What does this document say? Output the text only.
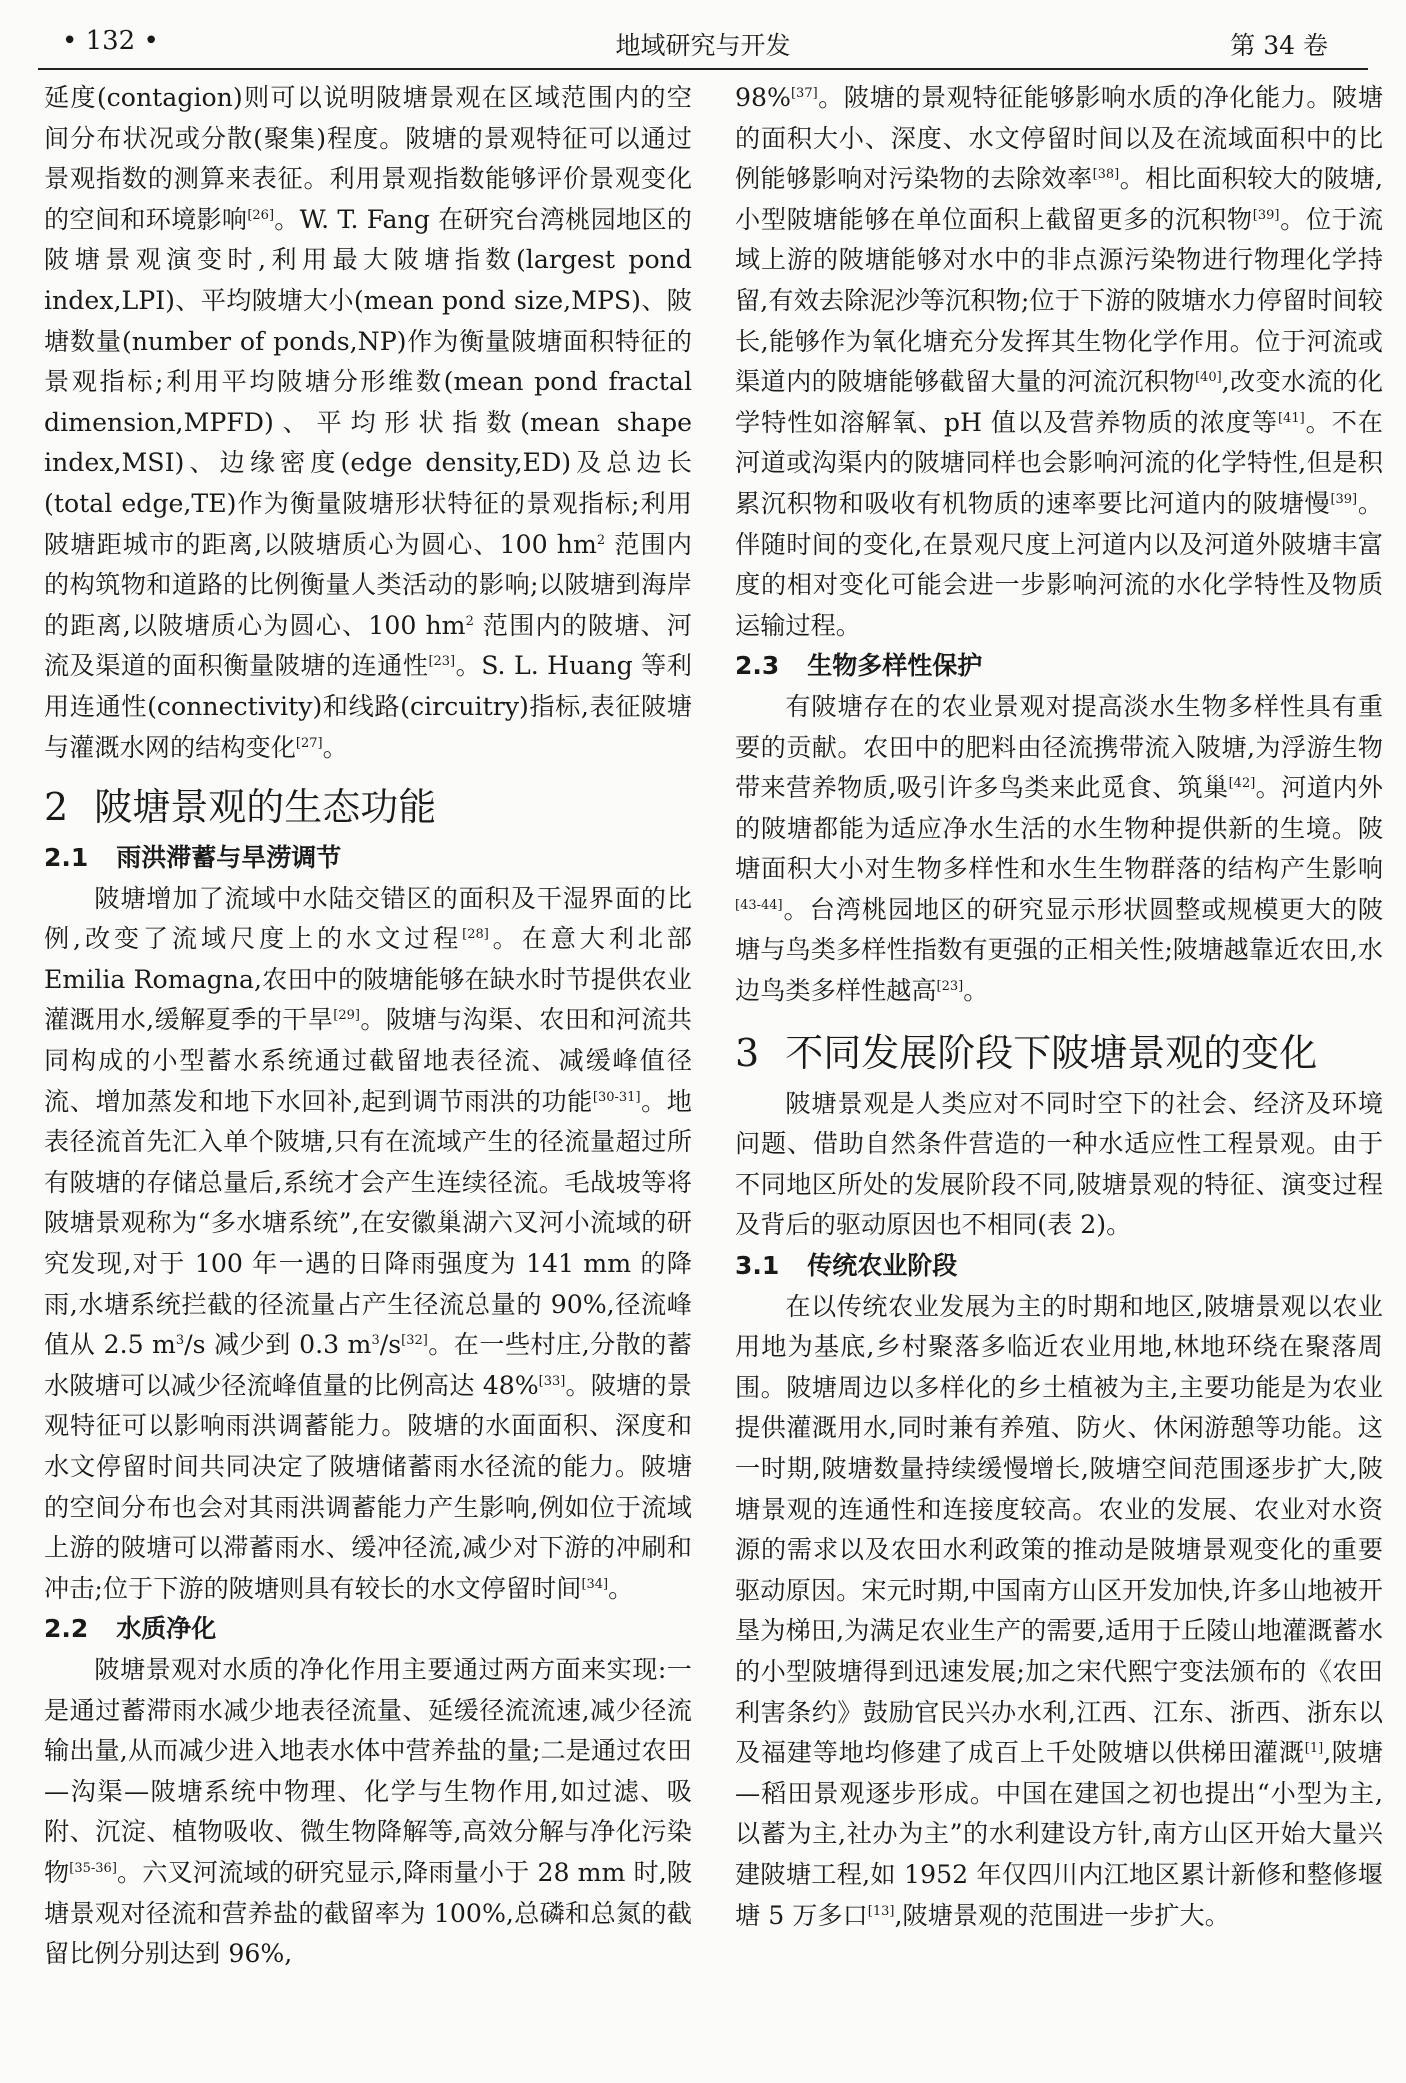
• 132 •	地域研究与开发	第 34 卷

延度(contagion)则可以说明陂塘景观在区域范围内的空间分布状况或分散(聚集)程度。陂塘的景观特征可以通过景观指数的测算来表征。利用景观指数能够评价景观变化的空间和环境影响[26]。W. T. Fang 在研究台湾桃园地区的陂塘景观演变时,利用最大陂塘指数(largest pond index,LPI)、平均陂塘大小(mean pond size,MPS)、陂塘数量(number of ponds,NP)作为衡量陂塘面积特征的景观指标;利用平均陂塘分形维数(mean pond fractal dimension,MPFD)、平均形状指数(mean shape index,MSI)、边缘密度(edge density,ED)及总边长(total edge,TE)作为衡量陂塘形状特征的景观指标;利用陂塘距城市的距离,以陂塘质心为圆心、100 $hm^2$ 范围内的构筑物和道路的比例衡量人类活动的影响;以陂塘到海岸的距离,以陂塘质心为圆心、100 $hm^2$ 范围内的陂塘、河流及渠道的面积衡量陂塘的连通性[23]。S. L. Huang 等利用连通性(connectivity)和线路(circuitry)指标,表征陂塘与灌溉水网的结构变化[27]。

2 陂塘景观的生态功能
2.1 雨洪滞蓄与旱涝调节

陂塘增加了流域中水陆交错区的面积及干湿界面的比例,改变了流域尺度上的水文过程[28]。在意大利北部 Emilia Romagna,农田中的陂塘能够在缺水时节提供农业灌溉用水,缓解夏季的干旱[29]。陂塘与沟渠、农田和河流共同构成的小型蓄水系统通过截留地表径流、减缓峰值径流、增加蒸发和地下水回补,起到调节雨洪的功能[30-31]。地表径流首先汇入单个陂塘,只有在流域产生的径流量超过所有陂塘的存储总量后,系统才会产生连续径流。毛战坡等将陂塘景观称为“多水塘系统”,在安徽巢湖六叉河小流域的研究发现,对于 100 年一遇的日降雨强度为 141 mm 的降雨,水塘系统拦截的径流量占产生径流总量的 90%,径流峰值从 2.5 $m^3/s$ 减少到 0.3 $m^3/s[32]$。在一些村庄,分散的蓄水陂塘可以减少径流峰值量的比例高达 48%[33]。陂塘的景观特征可以影响雨洪调蓄能力。陂塘的水面面积、深度和水文停留时间共同决定了陂塘储蓄雨水径流的能力。陂塘的空间分布也会对其雨洪调蓄能力产生影响,例如位于流域上游的陂塘可以滞蓄雨水、缓冲径流,减少对下游的冲刷和冲击;位于下游的陂塘则具有较长的水文停留时间[34]。

2.2 水质净化

陂塘景观对水质的净化作用主要通过两方面来实现:一是通过蓄滞雨水减少地表径流量、延缓径流流速,减少径流输出量,从而减少进入地表水体中营养盐的量;二是通过农田—沟渠—陂塘系统中物理、化学与生物作用,如过滤、吸附、沉淀、植物吸收、微生物降解等,高效分解与净化污染物[35-36]。六叉河流域的研究显示,降雨量小于 28 mm 时,陂塘景观对径流和营养盐的截留率为 100%,总磷和总氮的截留比例分别达到 96%,

98%[37]。陂塘的景观特征能够影响水质的净化能力。陂塘的面积大小、深度、水文停留时间以及在流域面积中的比例能够影响对污染物的去除效率[38]。相比面积较大的陂塘,小型陂塘能够在单位面积上截留更多的沉积物[39]。位于流域上游的陂塘能够对水中的非点源污染物进行物理化学持留,有效去除泥沙等沉积物;位于下游的陂塘水力停留时间较长,能够作为氧化塘充分发挥其生物化学作用。位于河流或渠道内的陂塘能够截留大量的河流沉积物[40],改变水流的化学特性如溶解氧、pH 值以及营养物质的浓度等[41]。不在河道或沟渠内的陂塘同样也会影响河流的化学特性,但是积累沉积物和吸收有机物质的速率要比河道内的陂塘慢[39]。伴随时间的变化,在景观尺度上河道内以及河道外陂塘丰富度的相对变化可能会进一步影响河流的水化学特性及物质运输过程。

2.3 生物多样性保护

有陂塘存在的农业景观对提高淡水生物多样性具有重要的贡献。农田中的肥料由径流携带流入陂塘,为浮游生物带来营养物质,吸引许多鸟类来此觅食、筑巢[42]。河道内外的陂塘都能为适应净水生活的水生物种提供新的生境。陂塘面积大小对生物多样性和水生生物群落的结构产生影响[43-44]。台湾桃园地区的研究显示形状圆整或规模更大的陂塘与鸟类多样性指数有更强的正相关性;陂塘越靠近农田,水边鸟类多样性越高[23]。

3 不同发展阶段下陂塘景观的变化

陂塘景观是人类应对不同时空下的社会、经济及环境问题、借助自然条件营造的一种水适应性工程景观。由于不同地区所处的发展阶段不同,陂塘景观的特征、演变过程及背后的驱动原因也不相同(表 2)。

3.1 传统农业阶段

在以传统农业发展为主的时期和地区,陂塘景观以农业用地为基底,乡村聚落多临近农业用地,林地环绕在聚落周围。陂塘周边以多样化的乡土植被为主,主要功能是为农业提供灌溉用水,同时兼有养殖、防火、休闲游憩等功能。这一时期,陂塘数量持续缓慢增长,陂塘空间范围逐步扩大,陂塘景观的连通性和连接度较高。农业的发展、农业对水资源的需求以及农田水利政策的推动是陂塘景观变化的重要驱动原因。宋元时期,中国南方山区开发加快,许多山地被开垦为梯田,为满足农业生产的需要,适用于丘陵山地灌溉蓄水的小型陂塘得到迅速发展;加之宋代熙宁变法颁布的《农田利害条约》鼓励官民兴办水利,江西、江东、浙西、浙东以及福建等地均修建了成百上千处陂塘以供梯田灌溉[1],陂塘—稻田景观逐步形成。中国在建国之初也提出“小型为主,以蓄为主,社办为主”的水利建设方针,南方山区开始大量兴建陂塘工程,如 1952 年仅四川内江地区累计新修和整修堰塘 5 万多口[13],陂塘景观的范围进一步扩大。
